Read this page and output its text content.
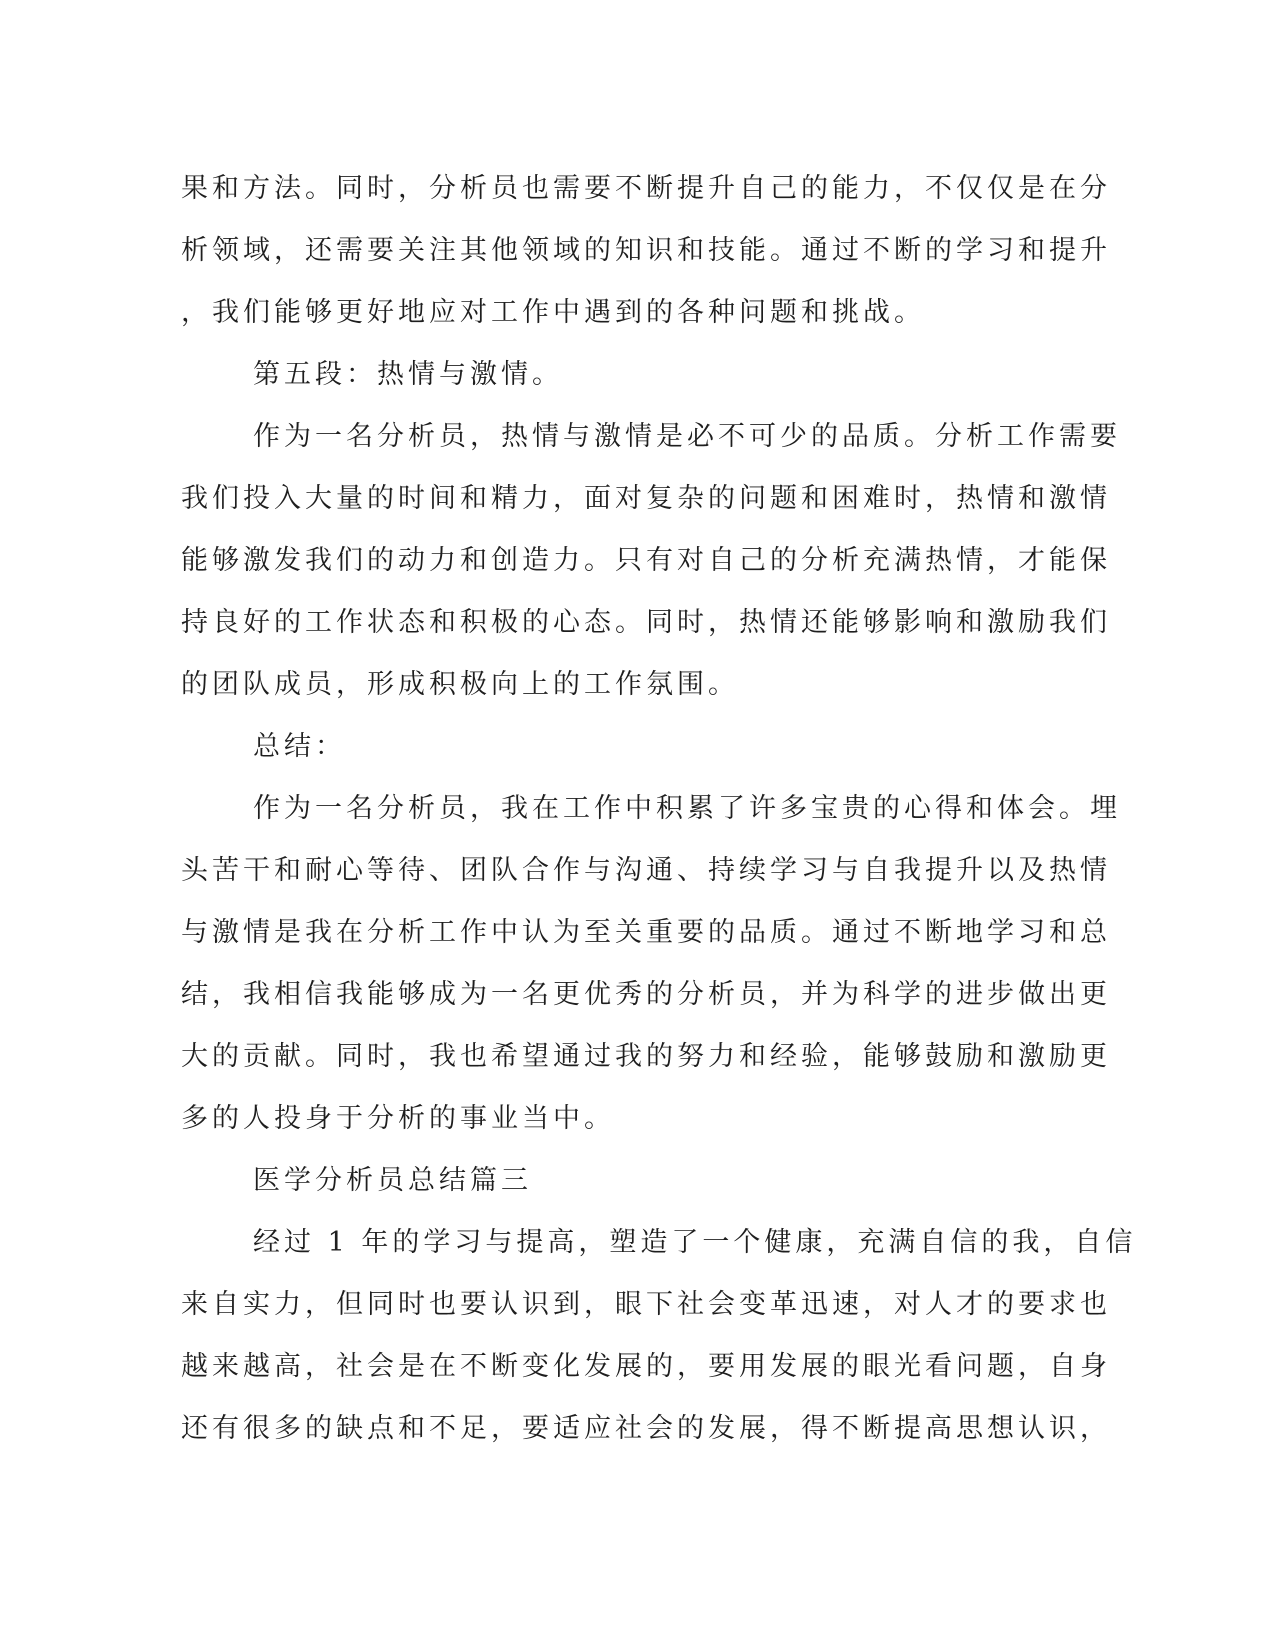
果和方法。同时，分析员也需要不断提升自己的能力，不仅仅是在分
析领域，还需要关注其他领域的知识和技能。通过不断的学习和提升
，我们能够更好地应对工作中遇到的各种问题和挑战。
第五段：热情与激情。
作为一名分析员，热情与激情是必不可少的品质。分析工作需要
我们投入大量的时间和精力，面对复杂的问题和困难时，热情和激情
能够激发我们的动力和创造力。只有对自己的分析充满热情，才能保
持良好的工作状态和积极的心态。同时，热情还能够影响和激励我们
的团队成员，形成积极向上的工作氛围。
总结：
作为一名分析员，我在工作中积累了许多宝贵的心得和体会。埋
头苦干和耐心等待、团队合作与沟通、持续学习与自我提升以及热情
与激情是我在分析工作中认为至关重要的品质。通过不断地学习和总
结，我相信我能够成为一名更优秀的分析员，并为科学的进步做出更
大的贡献。同时，我也希望通过我的努力和经验，能够鼓励和激励更
多的人投身于分析的事业当中。
医学分析员总结篇三
经过 1 年的学习与提高，塑造了一个健康，充满自信的我，自信
来自实力，但同时也要认识到，眼下社会变革迅速，对人才的要求也
越来越高，社会是在不断变化发展的，要用发展的眼光看问题，自身
还有很多的缺点和不足，要适应社会的发展，得不断提高思想认识，
